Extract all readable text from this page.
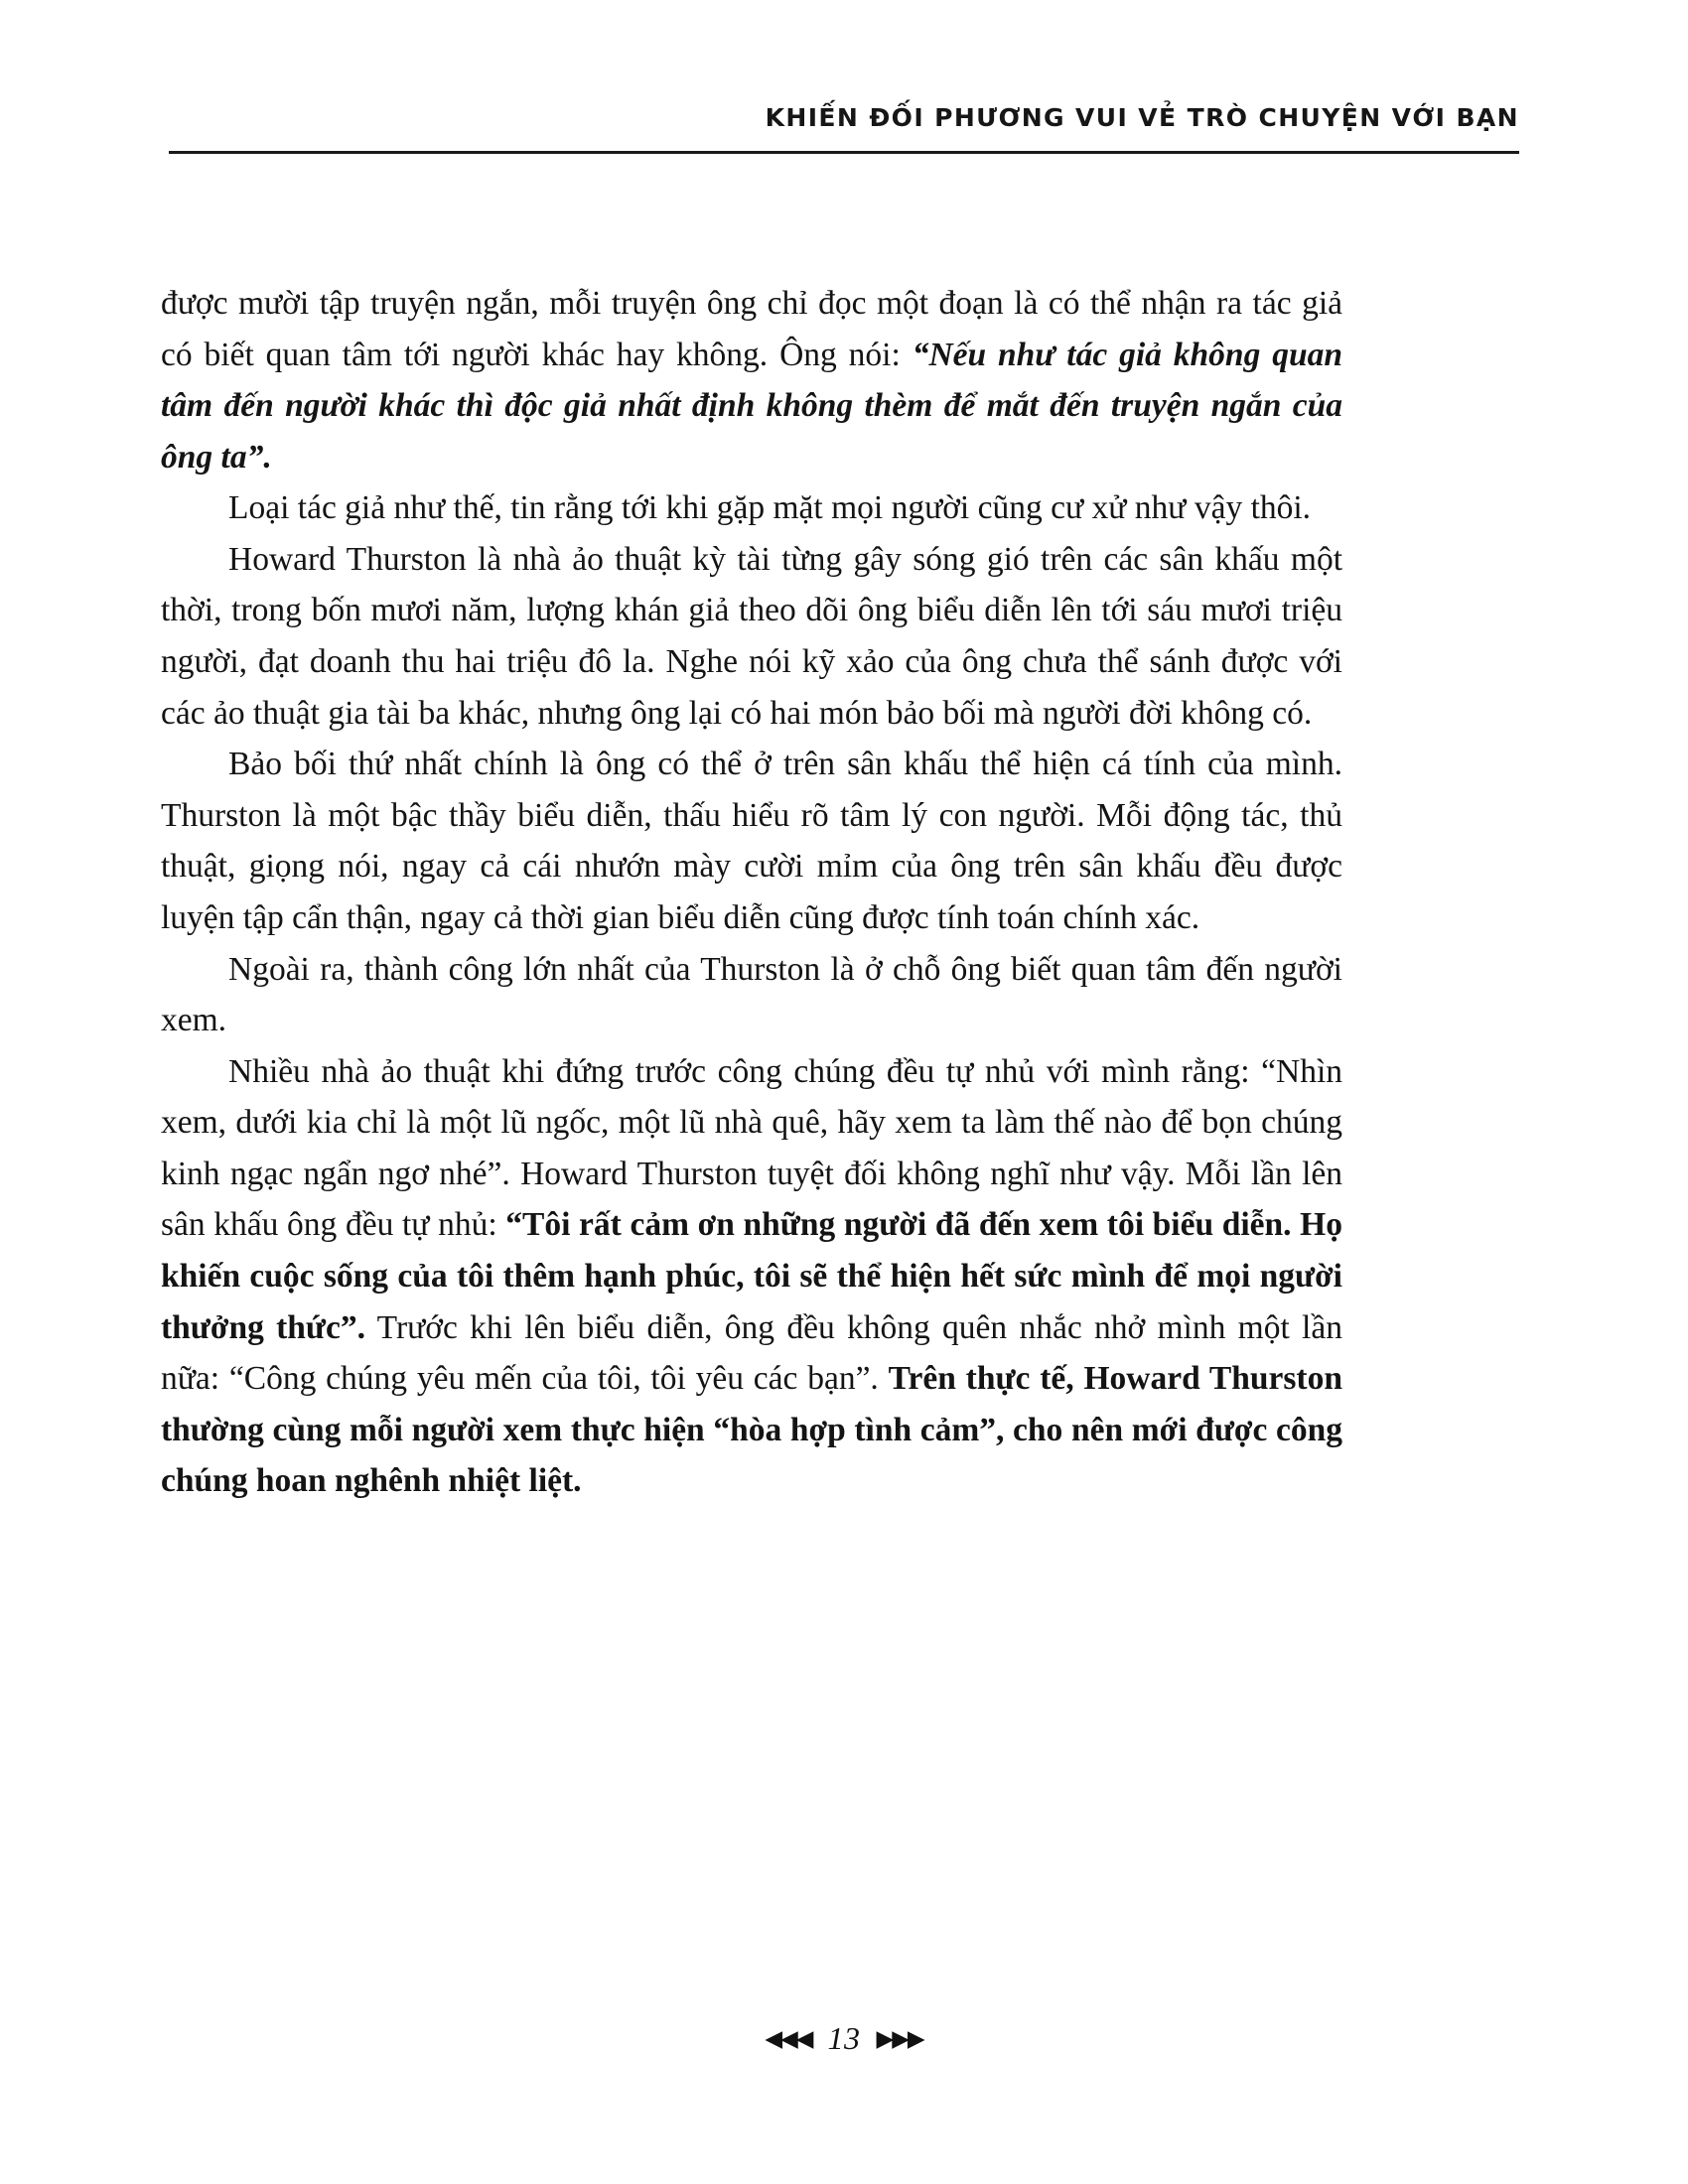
KHIẾN ĐỐI PHƯƠNG VUI VẺ TRÒ CHUYỆN VỚI BẠN

được mười tập truyện ngắn, mỗi truyện ông chỉ đọc một đoạn là có thể nhận ra tác giả có biết quan tâm tới người khác hay không. Ông nói: “Nếu như tác giả không quan tâm đến người khác thì độc giả nhất định không thèm để mắt đến truyện ngắn của ông ta”.

Loại tác giả như thế, tin rằng tới khi gặp mặt mọi người cũng cư xử như vậy thôi.

Howard Thurston là nhà ảo thuật kỳ tài từng gây sóng gió trên các sân khấu một thời, trong bốn mươi năm, lượng khán giả theo dõi ông biểu diễn lên tới sáu mươi triệu người, đạt doanh thu hai triệu đô la. Nghe nói kỹ xảo của ông chưa thể sánh được với các ảo thuật gia tài ba khác, nhưng ông lại có hai món bảo bối mà người đời không có.

Bảo bối thứ nhất chính là ông có thể ở trên sân khấu thể hiện cá tính của mình. Thurston là một bậc thầy biểu diễn, thấu hiểu rõ tâm lý con người. Mỗi động tác, thủ thuật, giọng nói, ngay cả cái nhướn mày cười mỉm của ông trên sân khấu đều được luyện tập cẩn thận, ngay cả thời gian biểu diễn cũng được tính toán chính xác.

Ngoài ra, thành công lớn nhất của Thurston là ở chỗ ông biết quan tâm đến người xem.

Nhiều nhà ảo thuật khi đứng trước công chúng đều tự nhủ với mình rằng: “Nhìn xem, dưới kia chỉ là một lũ ngốc, một lũ nhà quê, hãy xem ta làm thế nào để bọn chúng kinh ngạc ngẩn ngơ nhé”. Howard Thurston tuyệt đối không nghĩ như vậy. Mỗi lần lên sân khấu ông đều tự nhủ: “Tôi rất cảm ơn những người đã đến xem tôi biểu diễn. Họ khiến cuộc sống của tôi thêm hạnh phúc, tôi sẽ thể hiện hết sức mình để mọi người thưởng thức”. Trước khi lên biểu diễn, ông đều không quên nhắc nhở mình một lần nữa: “Công chúng yêu mến của tôi, tôi yêu các bạn”. Trên thực tế, Howard Thurston thường cùng mỗi người xem thực hiện “hòa hợp tình cảm”, cho nên mới được công chúng hoan nghênh nhiệt liệt.

◀◀◀ 13 ▶▶▶
